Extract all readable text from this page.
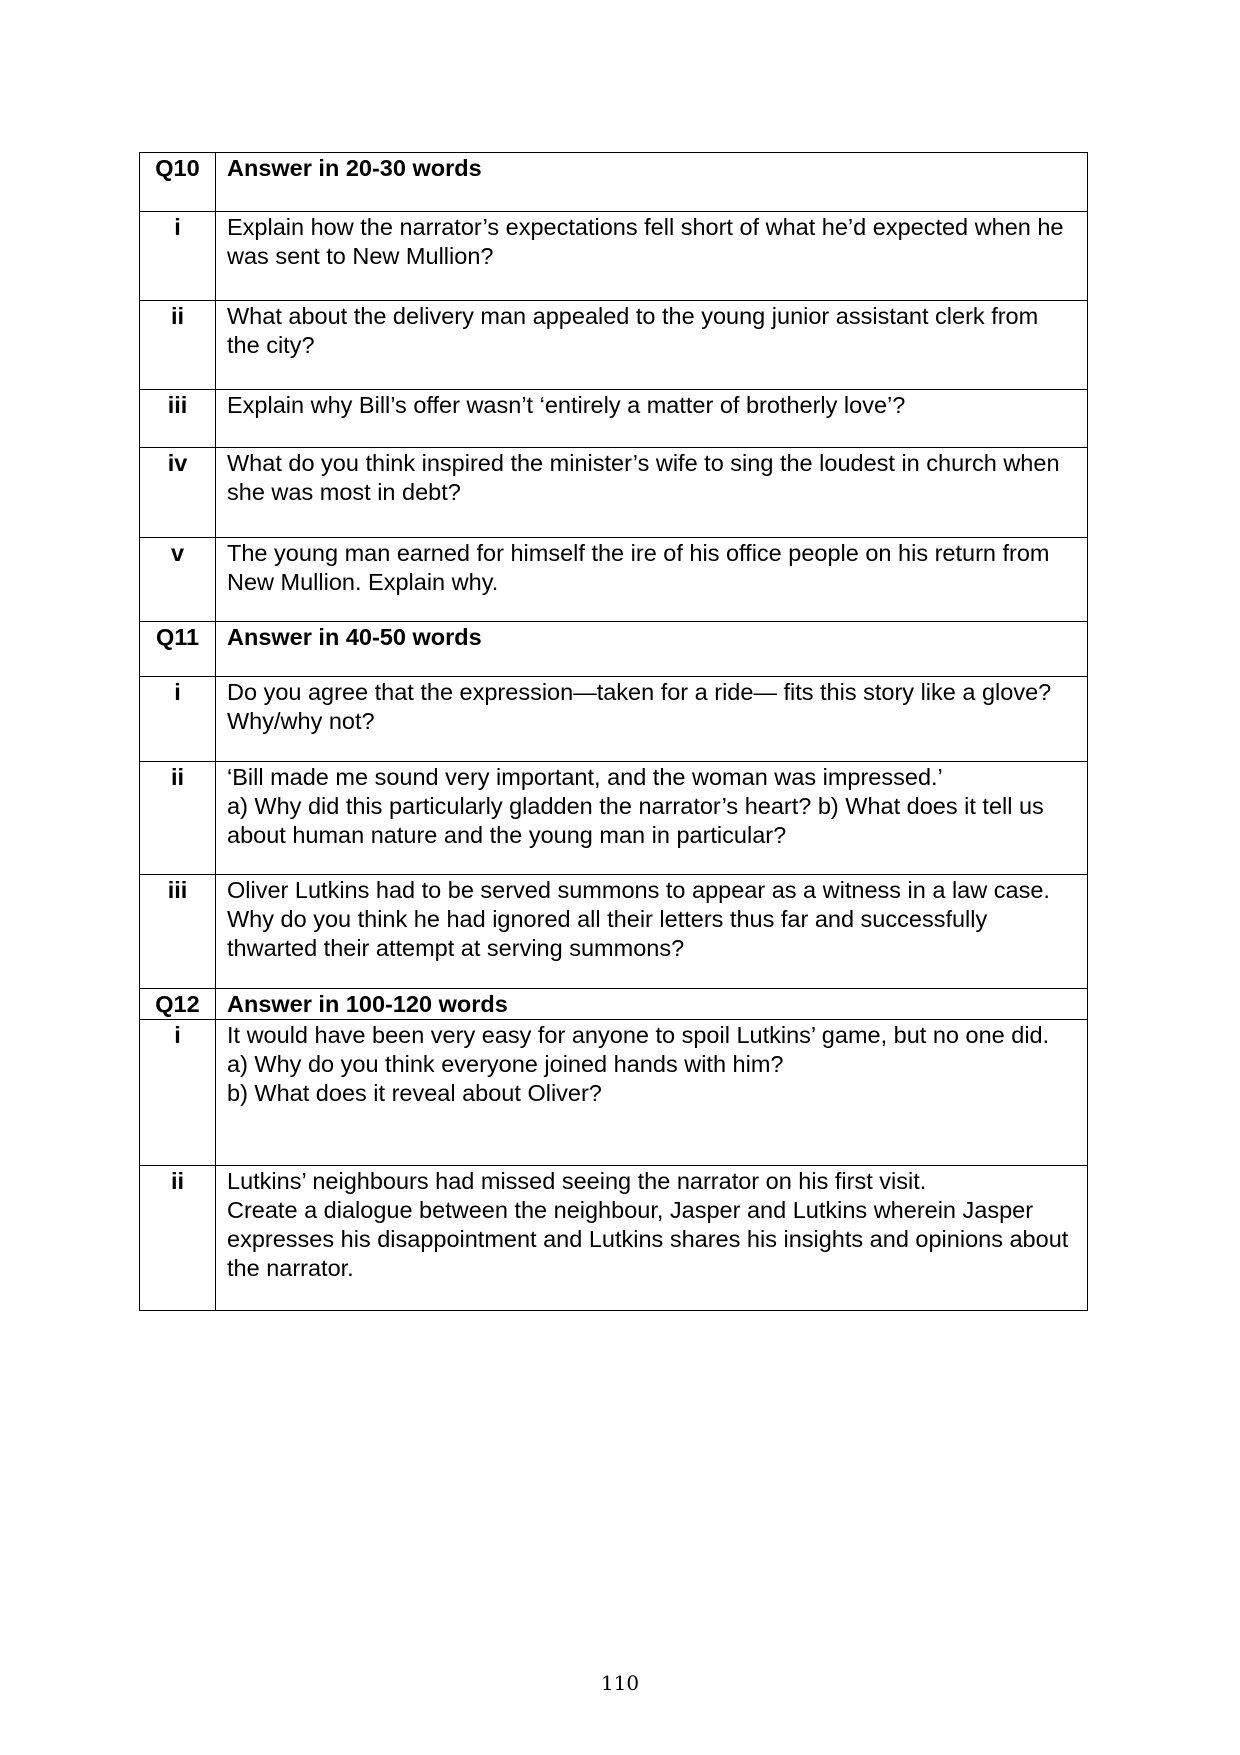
Q10	Answer in 20-30 words

i	Explain how the narrator’s expectations fell short of what he’d expected when he was sent to New Mullion?

ii	What about the delivery man appealed to the young junior assistant clerk from the city?

iii	Explain why Bill’s offer wasn’t ‘entirely a matter of brotherly love’?

iv	What do you think inspired the minister’s wife to sing the loudest in church when she was most in debt?

v	The young man earned for himself the ire of his office people on his return from New Mullion. Explain why.

Q11	Answer in 40-50 words

i	Do you agree that the expression—taken for a ride— fits this story like a glove? Why/why not?

ii	‘Bill made me sound very important, and the woman was impressed.’
a) Why did this particularly gladden the narrator’s heart? b) What does it tell us about human nature and the young man in particular?

iii	Oliver Lutkins had to be served summons to appear as a witness in a law case. Why do you think he had ignored all their letters thus far and successfully thwarted their attempt at serving summons?

Q12	Answer in 100-120 words

i	It would have been very easy for anyone to spoil Lutkins’ game, but no one did.
a) Why do you think everyone joined hands with him?
b) What does it reveal about Oliver?

ii	Lutkins’ neighbours had missed seeing the narrator on his first visit.
Create a dialogue between the neighbour, Jasper and Lutkins wherein Jasper expresses his disappointment and Lutkins shares his insights and opinions about the narrator.
110
